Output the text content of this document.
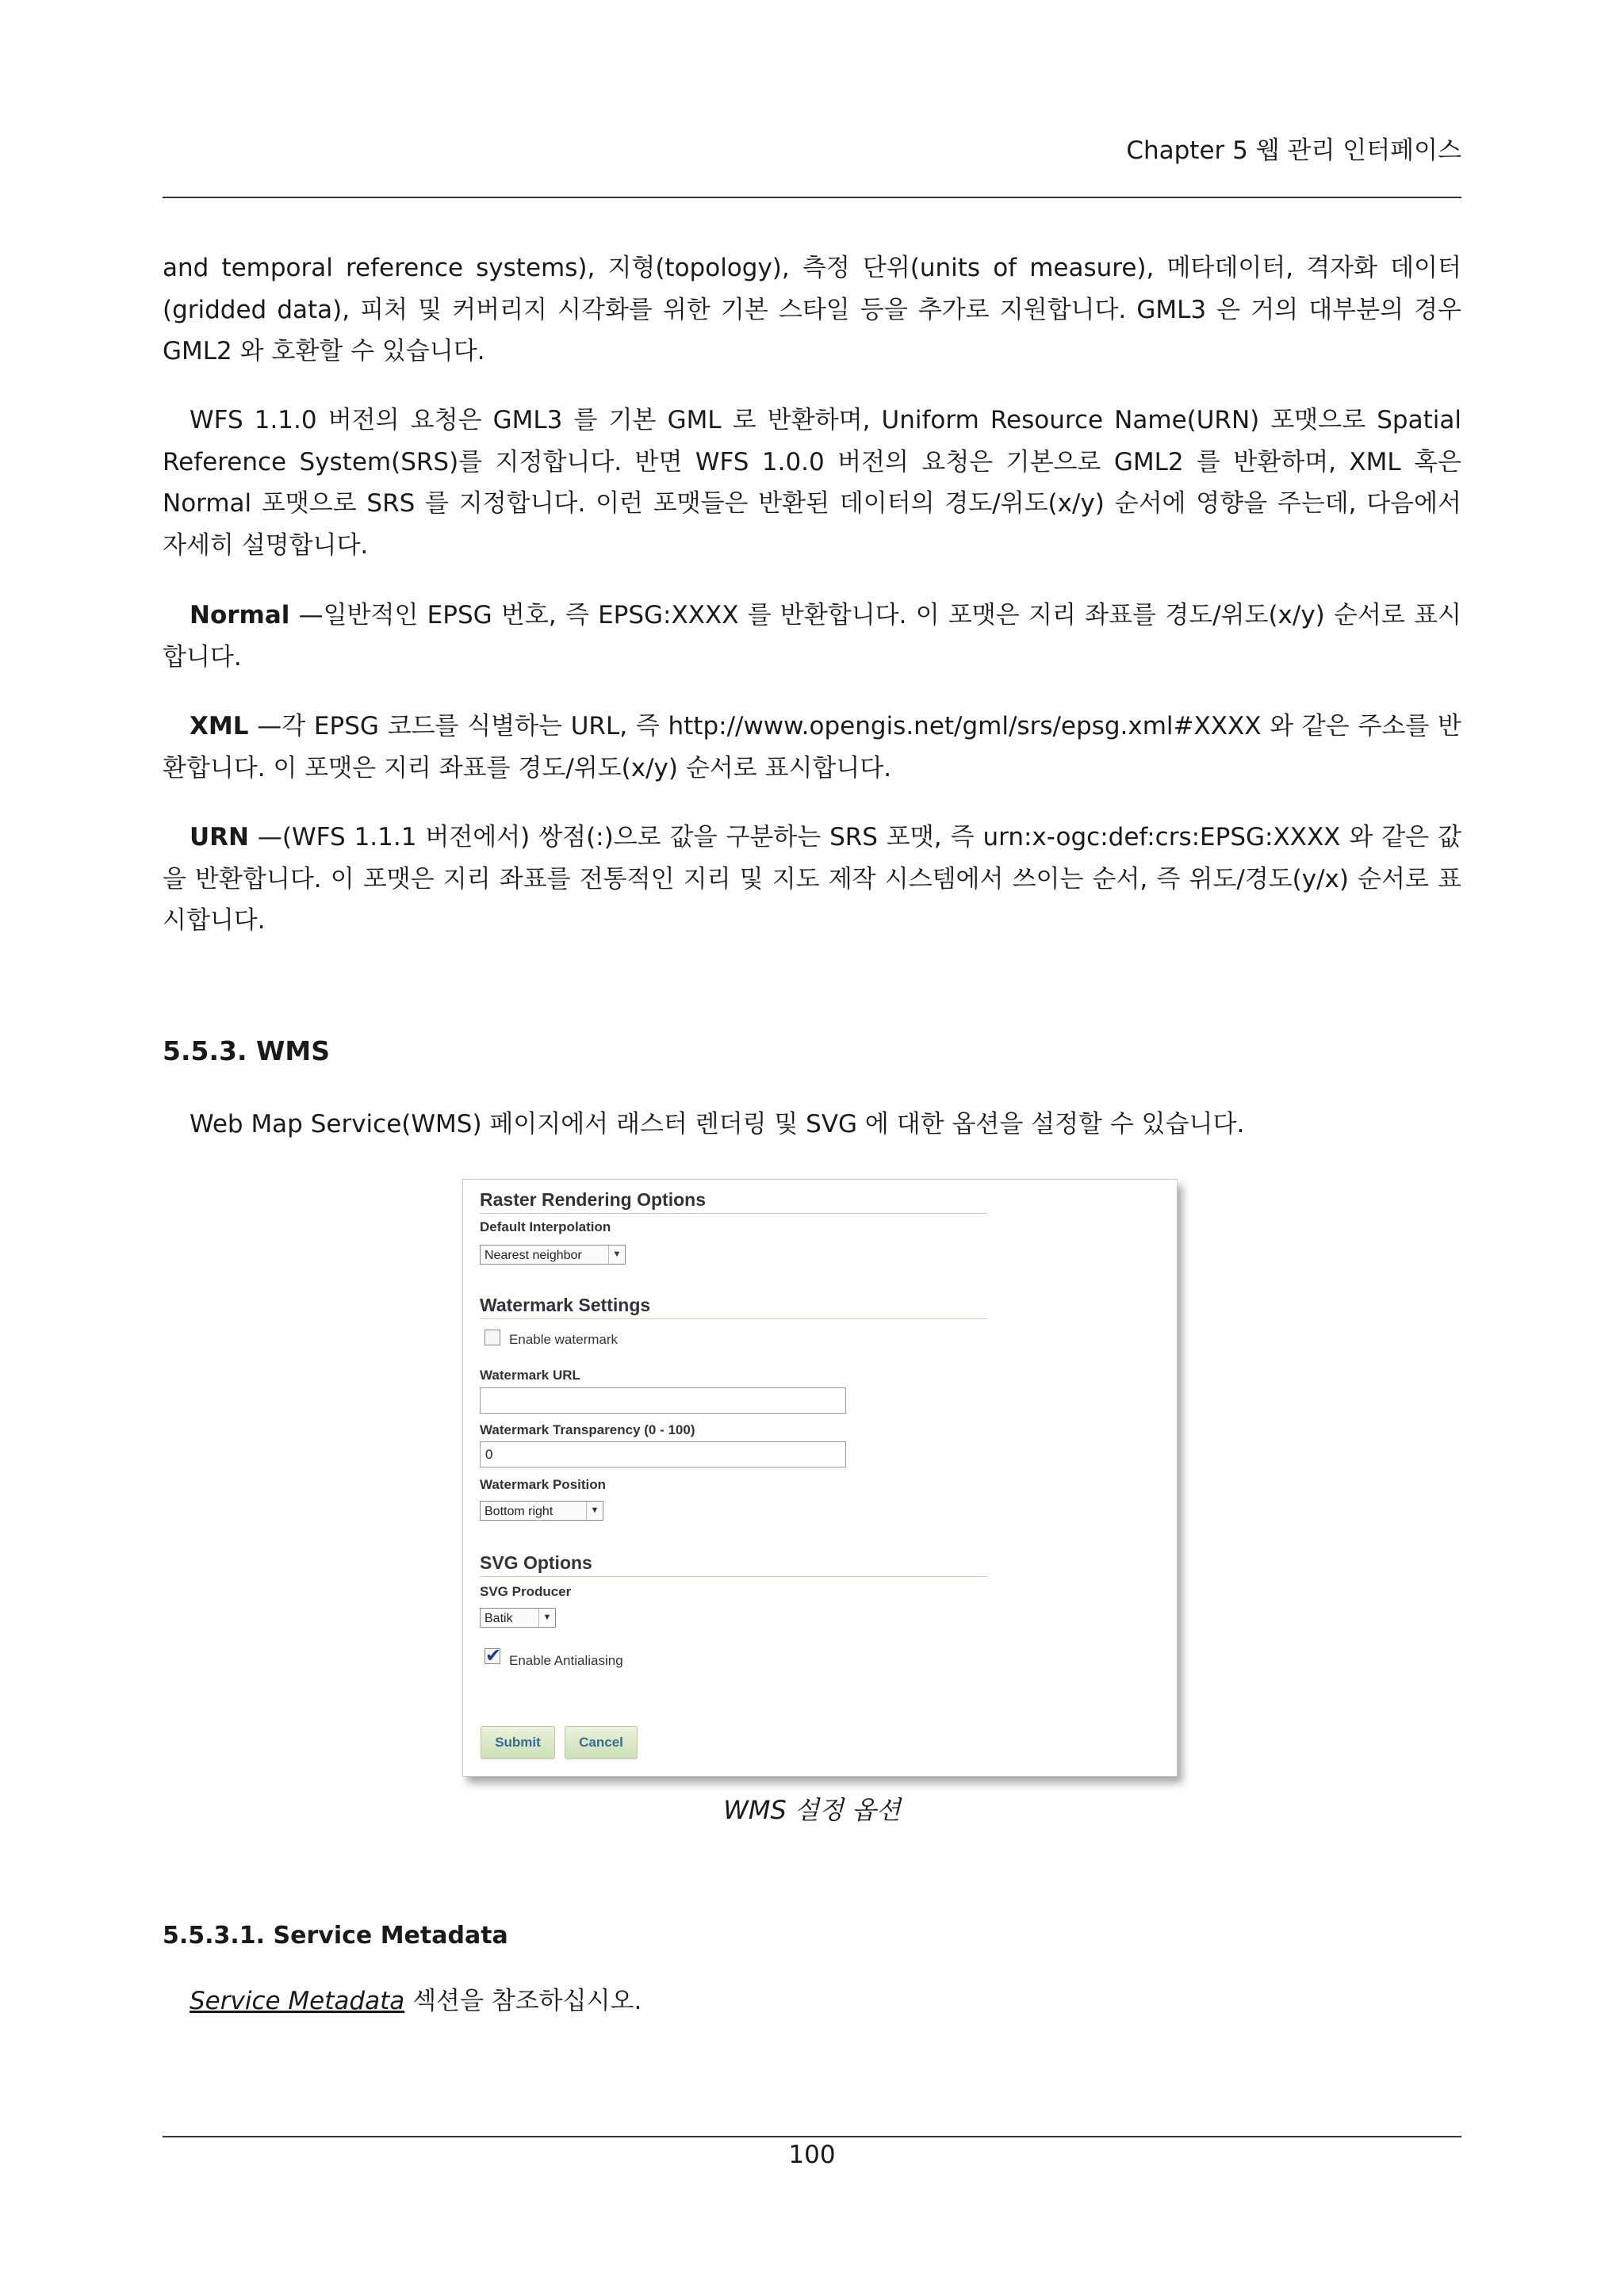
Chapter 5 웹 관리 인터페이스

and temporal reference systems), 지형(topology), 측정 단위(units of measure), 메타데이터, 격자화 데이터(gridded data), 피처 및 커버리지 시각화를 위한 기본 스타일 등을 추가로 지원합니다. GML3 은 거의 대부분의 경우 GML2 와 호환할 수 있습니다.

WFS 1.1.0 버전의 요청은 GML3 를 기본 GML 로 반환하며, Uniform Resource Name(URN) 포맷으로 Spatial Reference System(SRS)를 지정합니다. 반면 WFS 1.0.0 버전의 요청은 기본으로 GML2 를 반환하며, XML 혹은 Normal 포맷으로 SRS 를 지정합니다. 이런 포맷들은 반환된 데이터의 경도/위도(x/y) 순서에 영향을 주는데, 다음에서 자세히 설명합니다.

Normal —일반적인 EPSG 번호, 즉 EPSG:XXXX 를 반환합니다. 이 포맷은 지리 좌표를 경도/위도(x/y) 순서로 표시합니다.

XML —각 EPSG 코드를 식별하는 URL, 즉 http://www.opengis.net/gml/srs/epsg.xml#XXXX 와 같은 주소를 반환합니다. 이 포맷은 지리 좌표를 경도/위도(x/y) 순서로 표시합니다.

URN —(WFS 1.1.1 버전에서) 쌍점(:)으로 값을 구분하는 SRS 포맷, 즉 urn:x-ogc:def:crs:EPSG:XXXX 와 같은 값을 반환합니다. 이 포맷은 지리 좌표를 전통적인 지리 및 지도 제작 시스템에서 쓰이는 순서, 즉 위도/경도(y/x) 순서로 표시합니다.

5.5.3. WMS

Web Map Service(WMS) 페이지에서 래스터 렌더링 및 SVG 에 대한 옵션을 설정할 수 있습니다.

Raster Rendering Options
Default Interpolation
Nearest neighbor	▼
Watermark Settings
Enable watermark
Watermark URL
Watermark Transparency (0 - 100)
0
Watermark Position
Bottom right	▼
SVG Options
SVG Producer
Batik	▼
✔ Enable Antialiasing
Submit	Cancel
WMS 설정 옵션
5.5.3.1. Service Metadata

Service Metadata 섹션을 참조하십시오.

100
